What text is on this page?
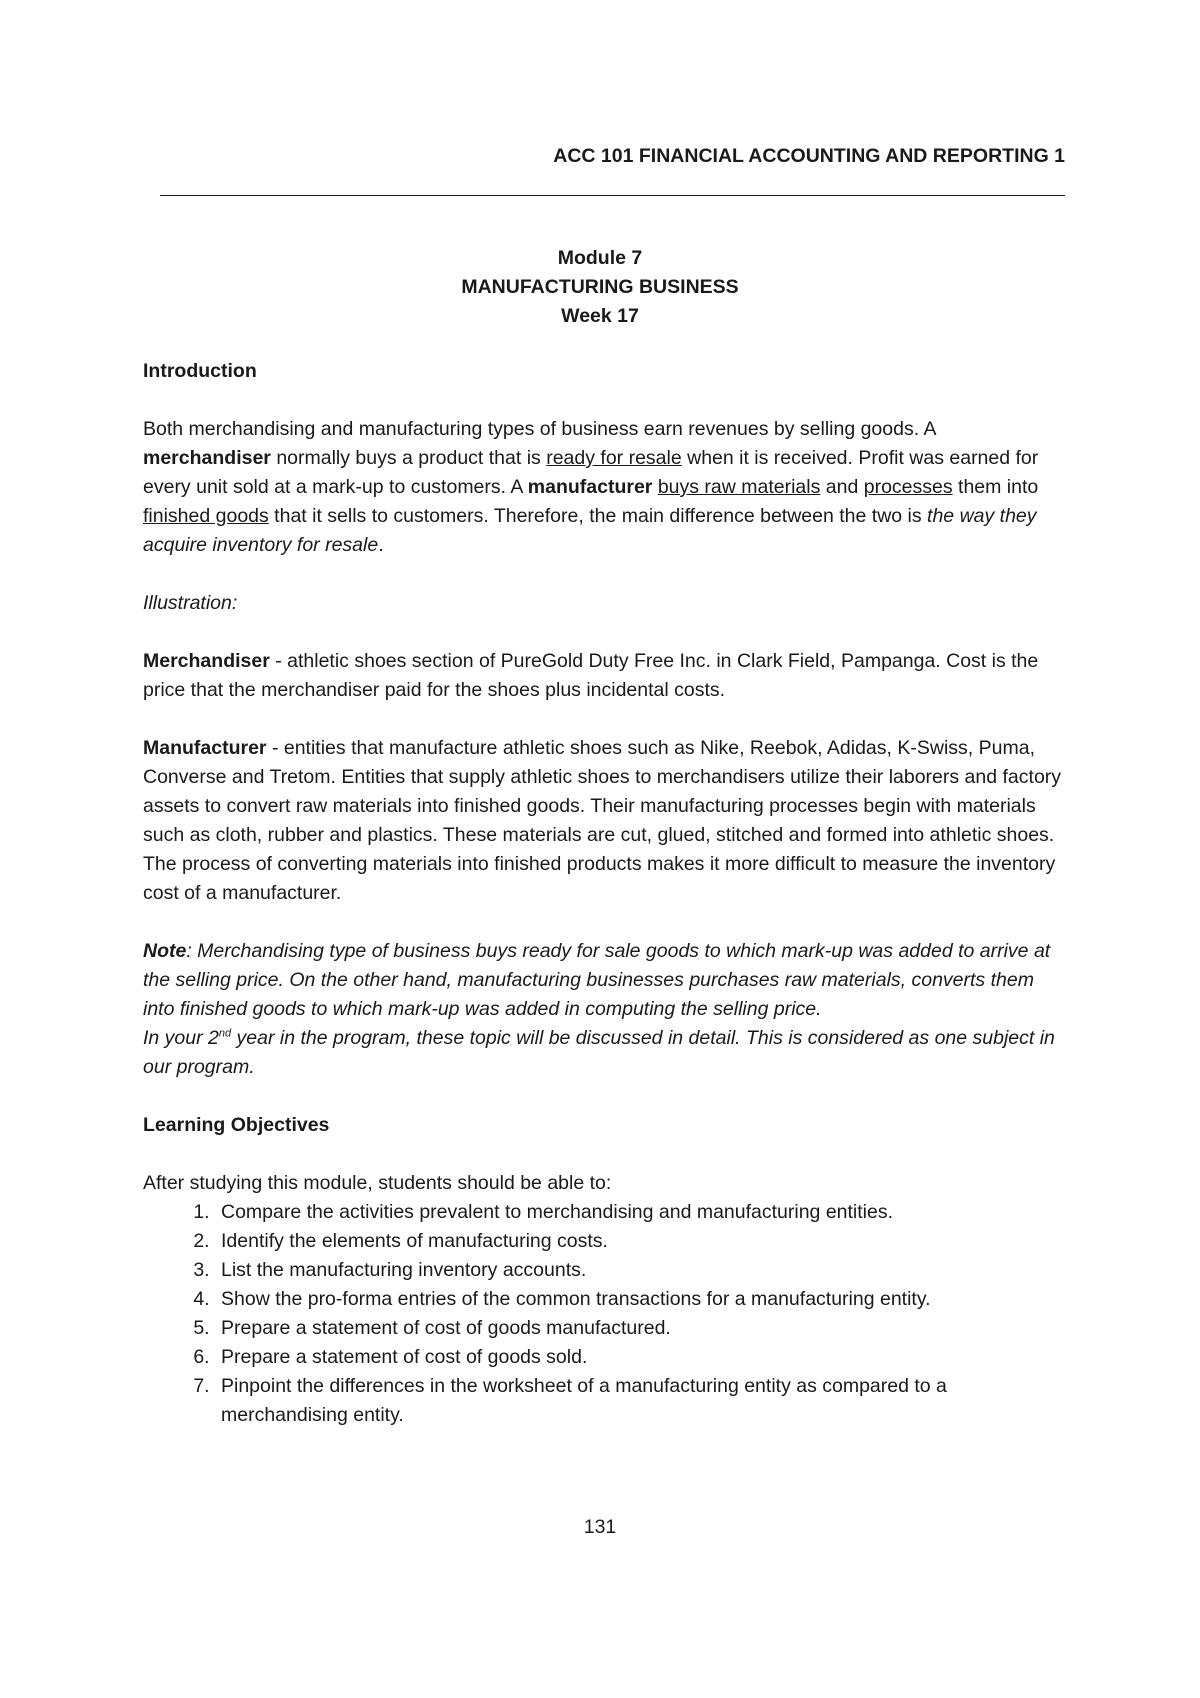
ACC 101 FINANCIAL ACCOUNTING AND REPORTING 1
Module 7
MANUFACTURING BUSINESS
Week 17

Introduction

Both merchandising and manufacturing types of business earn revenues by selling goods. A merchandiser normally buys a product that is ready for resale when it is received. Profit was earned for every unit sold at a mark-up to customers. A manufacturer buys raw materials and processes them into finished goods that it sells to customers. Therefore, the main difference between the two is the way they acquire inventory for resale.

Illustration:

Merchandiser - athletic shoes section of PureGold Duty Free Inc. in Clark Field, Pampanga. Cost is the price that the merchandiser paid for the shoes plus incidental costs.

Manufacturer - entities that manufacture athletic shoes such as Nike, Reebok, Adidas, K-Swiss, Puma, Converse and Tretom. Entities that supply athletic shoes to merchandisers utilize their laborers and factory assets to convert raw materials into finished goods. Their manufacturing processes begin with materials such as cloth, rubber and plastics. These materials are cut, glued, stitched and formed into athletic shoes. The process of converting materials into finished products makes it more difficult to measure the inventory cost of a manufacturer.

Note: Merchandising type of business buys ready for sale goods to which mark-up was added to arrive at the selling price. On the other hand, manufacturing businesses purchases raw materials, converts them into finished goods to which mark-up was added in computing the selling price.

In your 2nd year in the program, these topic will be discussed in detail. This is considered as one subject in our program.

Learning Objectives

After studying this module, students should be able to:

1. Compare the activities prevalent to merchandising and manufacturing entities.
2. Identify the elements of manufacturing costs.
3. List the manufacturing inventory accounts.
4. Show the pro-forma entries of the common transactions for a manufacturing entity.
5. Prepare a statement of cost of goods manufactured.
6. Prepare a statement of cost of goods sold.
7. Pinpoint the differences in the worksheet of a manufacturing entity as compared to a merchandising entity.
131
